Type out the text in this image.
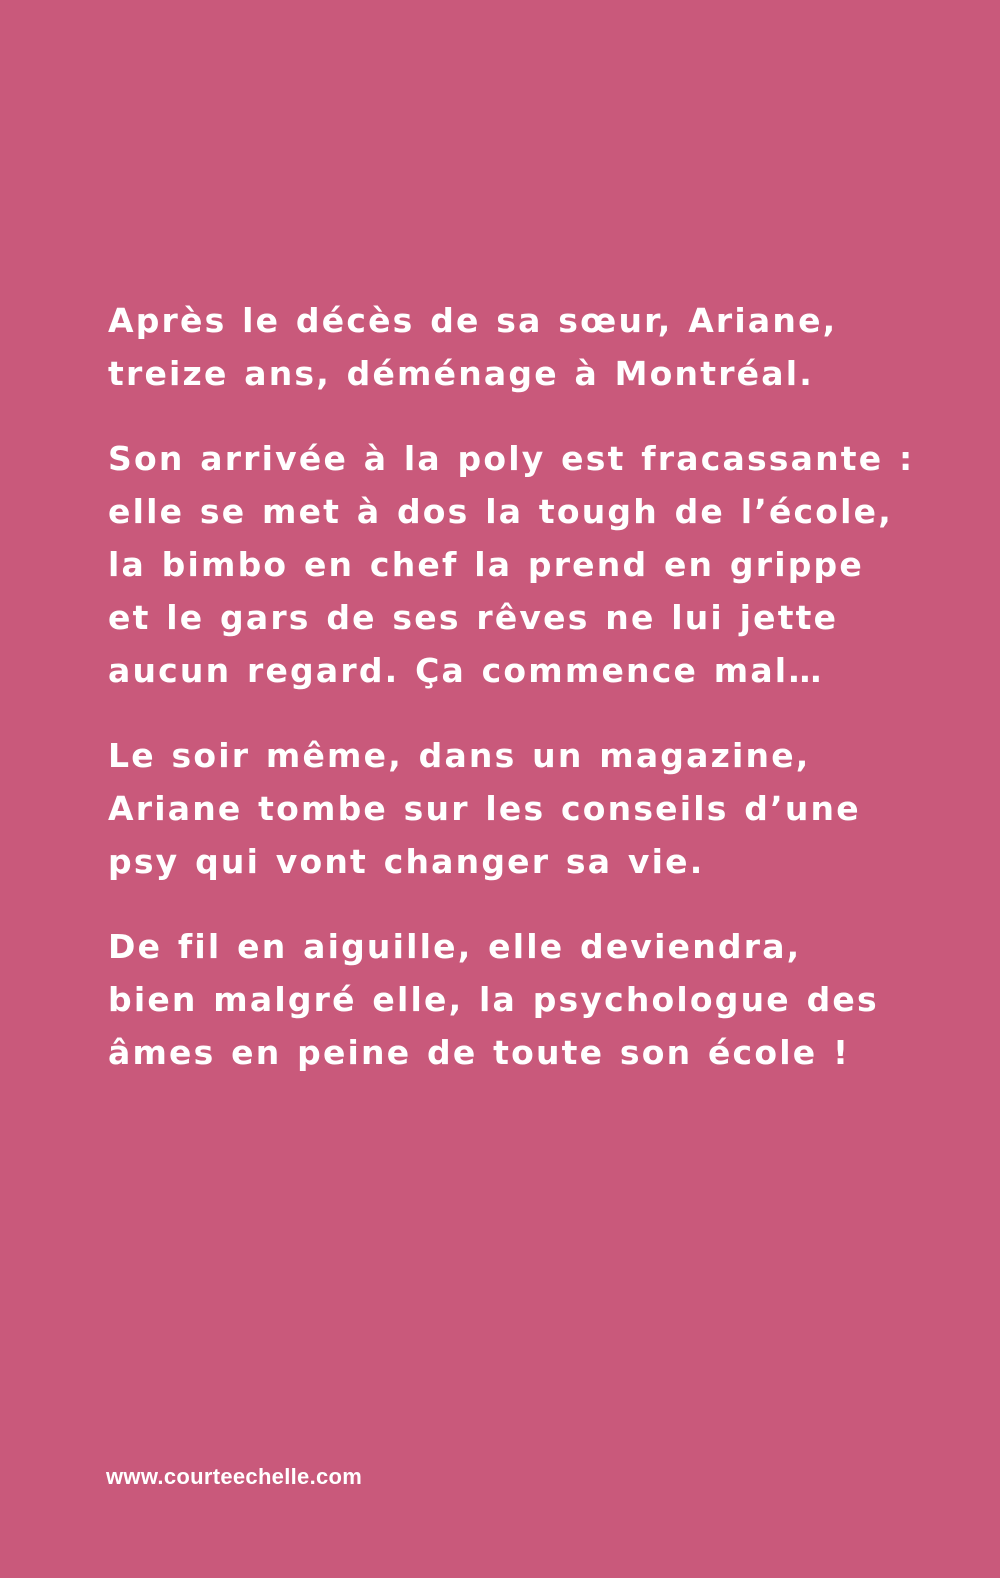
Après le décès de sa sœur, Ariane,
treize ans, déménage à Montréal.

Son arrivée à la poly est fracassante :
elle se met à dos la tough de l’école,
la bimbo en chef la prend en grippe
et le gars de ses rêves ne lui jette
aucun regard. Ça commence mal…

Le soir même, dans un magazine,
Ariane tombe sur les conseils d’une
psy qui vont changer sa vie.

De fil en aiguille, elle deviendra,
bien malgré elle, la psychologue des
âmes en peine de toute son école !

www.courteechelle.com
